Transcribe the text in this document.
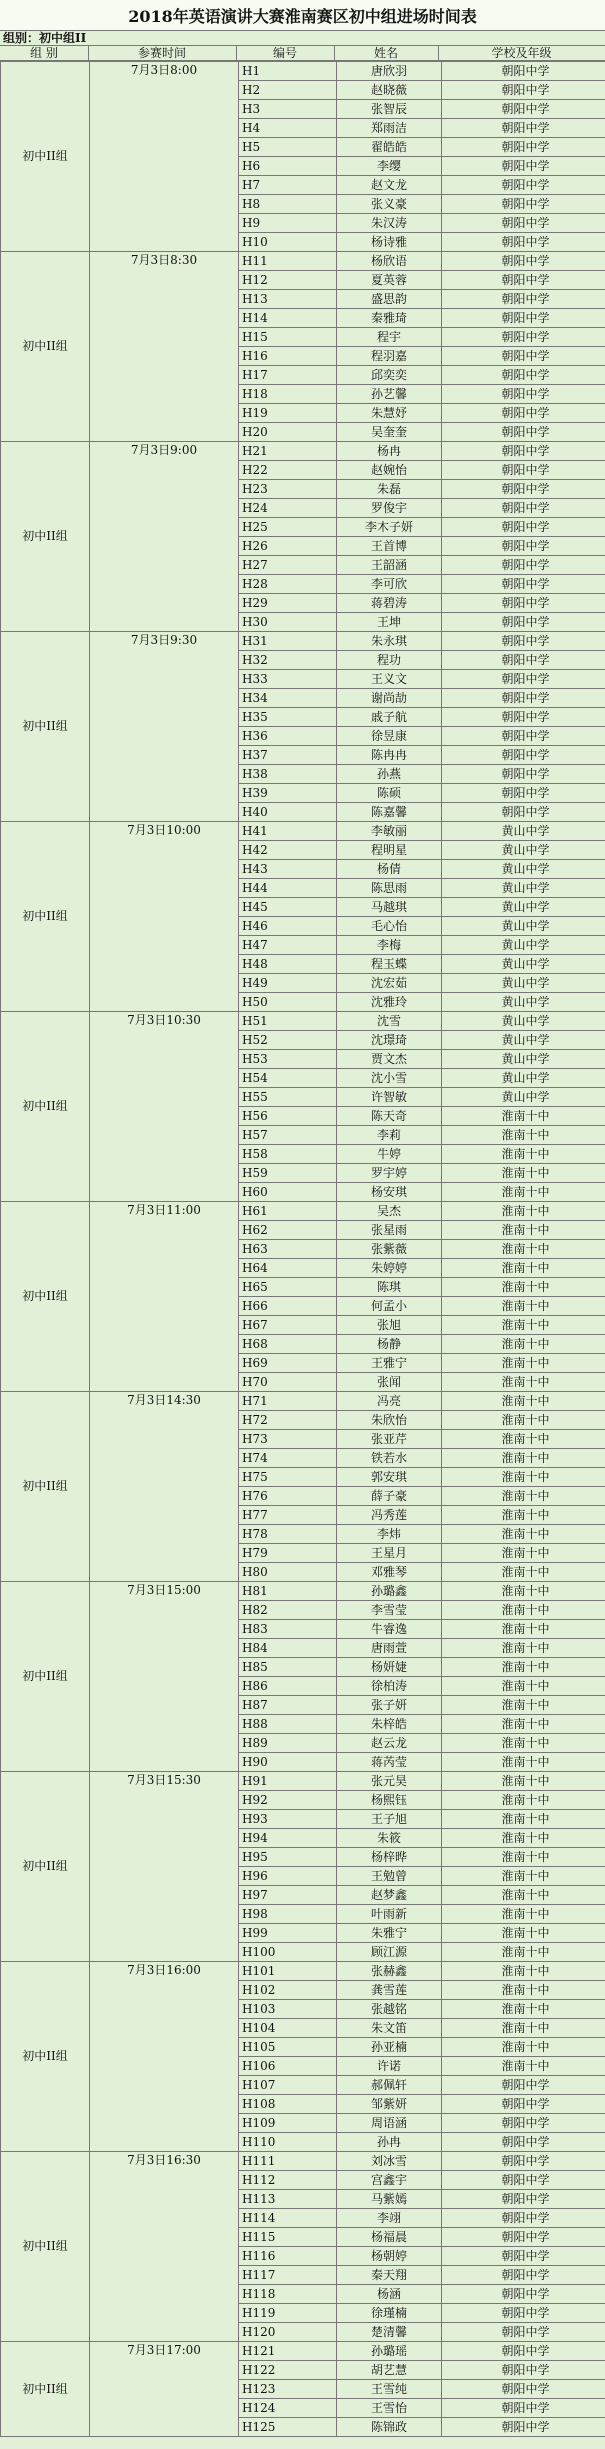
2018年英语演讲大赛淮南赛区初中组进场时间表
组别：初中组II
组 别	参赛时间	编号	姓名	学校及年级
初中II组	7月3日8:00	H1	唐欣羽	朝阳中学
		H2	赵晓薇	朝阳中学
		H3	张智辰	朝阳中学
		H4	郑雨洁	朝阳中学
		H5	翟皓皓	朝阳中学
		H6	李缨	朝阳中学
		H7	赵文龙	朝阳中学
		H8	张义豪	朝阳中学
		H9	朱汉涛	朝阳中学
		H10	杨诗雅	朝阳中学
初中II组	7月3日8:30	H11	杨欣语	朝阳中学
		H12	夏英蓉	朝阳中学
		H13	盛思韵	朝阳中学
		H14	秦雅琦	朝阳中学
		H15	程宇	朝阳中学
		H16	程羽嘉	朝阳中学
		H17	邱奕奕	朝阳中学
		H18	孙艺馨	朝阳中学
		H19	朱慧妤	朝阳中学
		H20	吴奎奎	朝阳中学
初中II组	7月3日9:00	H21	杨冉	朝阳中学
		H22	赵婉怡	朝阳中学
		H23	朱磊	朝阳中学
		H24	罗俊宇	朝阳中学
		H25	李木子妍	朝阳中学
		H26	王首博	朝阳中学
		H27	王韶涵	朝阳中学
		H28	李可欣	朝阳中学
		H29	蒋碧涛	朝阳中学
		H30	王坤	朝阳中学
初中II组	7月3日9:30	H31	朱永琪	朝阳中学
		H32	程功	朝阳中学
		H33	王义文	朝阳中学
		H34	谢尚劼	朝阳中学
		H35	戚子航	朝阳中学
		H36	徐昱康	朝阳中学
		H37	陈冉冉	朝阳中学
		H38	孙燕	朝阳中学
		H39	陈硕	朝阳中学
		H40	陈嘉馨	朝阳中学
初中II组	7月3日10:00	H41	李敏丽	黄山中学
		H42	程明星	黄山中学
		H43	杨倩	黄山中学
		H44	陈思雨	黄山中学
		H45	马越琪	黄山中学
		H46	毛心怡	黄山中学
		H47	李梅	黄山中学
		H48	程玉蝶	黄山中学
		H49	沈宏茹	黄山中学
		H50	沈雅玲	黄山中学
初中II组	7月3日10:30	H51	沈雪	黄山中学
		H52	沈璟琦	黄山中学
		H53	贾文杰	黄山中学
		H54	沈小雪	黄山中学
		H55	许智敏	黄山中学
		H56	陈天奇	淮南十中
		H57	李莉	淮南十中
		H58	牛婷	淮南十中
		H59	罗宇婷	淮南十中
		H60	杨安琪	淮南十中
初中II组	7月3日11:00	H61	吴杰	淮南十中
		H62	张星雨	淮南十中
		H63	张紫薇	淮南十中
		H64	朱婷婷	淮南十中
		H65	陈琪	淮南十中
		H66	何孟小	淮南十中
		H67	张旭	淮南十中
		H68	杨静	淮南十中
		H69	王雅宁	淮南十中
		H70	张闻	淮南十中
初中II组	7月3日14:30	H71	冯亮	淮南十中
		H72	朱欣怡	淮南十中
		H73	张亚芹	淮南十中
		H74	铁若水	淮南十中
		H75	郭安琪	淮南十中
		H76	薛子豪	淮南十中
		H77	冯秀莲	淮南十中
		H78	李炜	淮南十中
		H79	王星月	淮南十中
		H80	邓雅琴	淮南十中
初中II组	7月3日15:00	H81	孙璐鑫	淮南十中
		H82	李雪莹	淮南十中
		H83	牛睿逸	淮南十中
		H84	唐雨萱	淮南十中
		H85	杨妍婕	淮南十中
		H86	徐柏涛	淮南十中
		H87	张子妍	淮南十中
		H88	朱梓皓	淮南十中
		H89	赵云龙	淮南十中
		H90	蒋芮莹	淮南十中
初中II组	7月3日15:30	H91	张元昊	淮南十中
		H92	杨熙钰	淮南十中
		H93	王子旭	淮南十中
		H94	朱筱	淮南十中
		H95	杨梓晔	淮南十中
		H96	王勉曾	淮南十中
		H97	赵梦鑫	淮南十中
		H98	叶雨新	淮南十中
		H99	朱雅宁	淮南十中
		H100	顾江源	淮南十中
初中II组	7月3日16:00	H101	张赫鑫	淮南十中
		H102	龚雪莲	淮南十中
		H103	张越铭	淮南十中
		H104	朱文笛	淮南十中
		H105	孙亚楠	淮南十中
		H106	许诺	淮南十中
		H107	郝佩轩	朝阳中学
		H108	邹紫妍	朝阳中学
		H109	周语涵	朝阳中学
		H110	孙冉	朝阳中学
初中II组	7月3日16:30	H111	刘冰雪	朝阳中学
		H112	宫鑫宇	朝阳中学
		H113	马紫嫣	朝阳中学
		H114	李翊	朝阳中学
		H115	杨福晨	朝阳中学
		H116	杨朝婷	朝阳中学
		H117	秦天翔	朝阳中学
		H118	杨涵	朝阳中学
		H119	徐瑾楠	朝阳中学
		H120	楚清馨	朝阳中学
初中II组	7月3日17:00	H121	孙璐瑶	朝阳中学
		H122	胡艺慧	朝阳中学
		H123	王雪纯	朝阳中学
		H124	王雪怡	朝阳中学
		H125	陈锦政	朝阳中学
